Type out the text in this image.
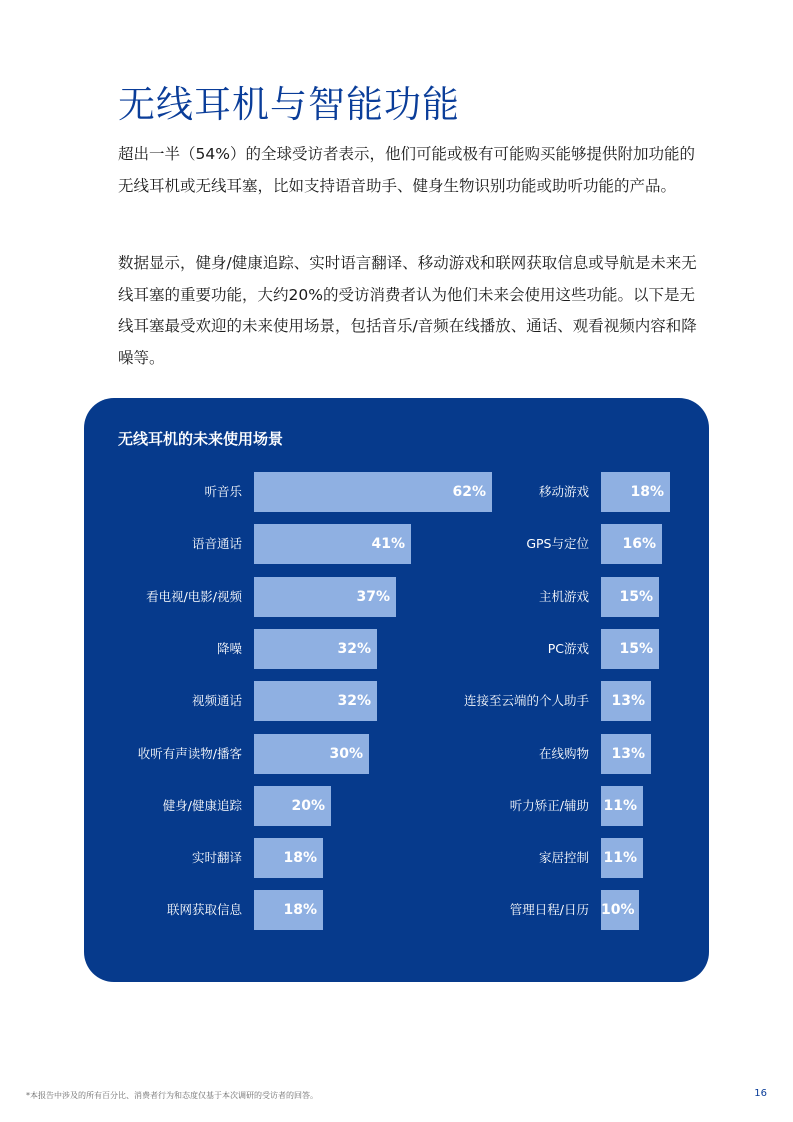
无线耳机与智能功能

超出一半（54%）的全球受访者表示，他们可能或极有可能购买能够提供附加功能的无线耳机或无线耳塞，比如支持语音助手、健身生物识别功能或助听功能的产品。

数据显示，健身/健康追踪、实时语言翻译、移动游戏和联网获取信息或导航是未来无线耳塞的重要功能，大约20%的受访消费者认为他们未来会使用这些功能。以下是无线耳塞最受欢迎的未来使用场景，包括音乐/音频在线播放、通话、观看视频内容和降噪等。

无线耳机的未来使用场景
听音乐	62%
语音通话	41%
看电视/电影/视频	37%
降噪	32%
视频通话	32%
收听有声读物/播客	30%
健身/健康追踪	20%
实时翻译	18%
联网获取信息	18%
移动游戏	18%
GPS与定位	16%
主机游戏	15%
PC游戏	15%
连接至云端的个人助手	13%
在线购物	13%
听力矫正/辅助 11%
家居控制 11%
管理日程/日历 10%

*本报告中涉及的所有百分比、消费者行为和态度仅基于本次调研的受访者的回答。	16
